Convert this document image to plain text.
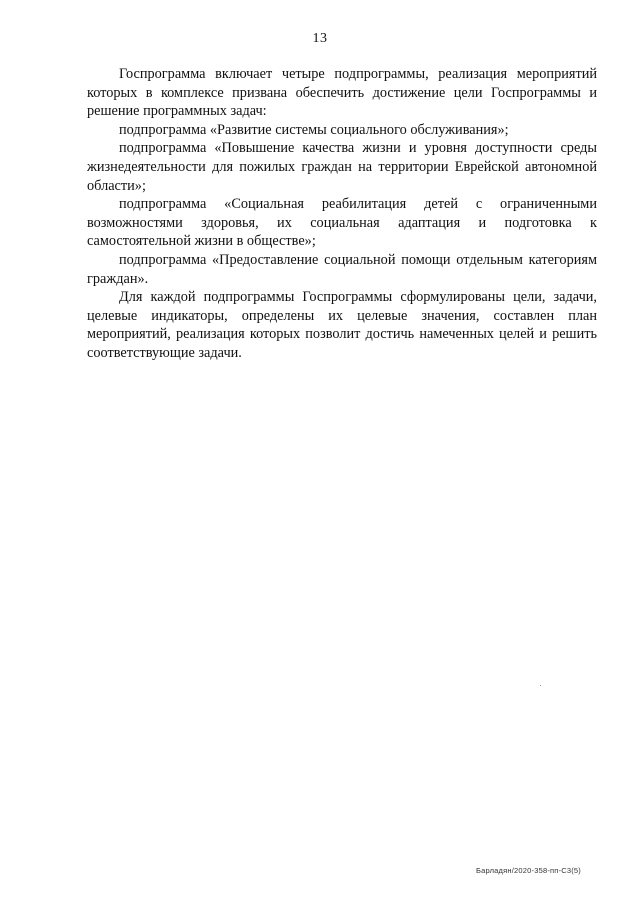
13

Госпрограмма включает четыре подпрограммы, реализация мероприятий которых в комплексе призвана обеспечить достижение цели Госпрограммы и решение программных задач:

подпрограмма «Развитие системы социального обслуживания»;

подпрограмма «Повышение качества жизни и уровня доступности среды жизнедеятельности для пожилых граждан на территории Еврейской автономной области»;

подпрограмма «Социальная реабилитация детей с ограниченными возможностями здоровья, их социальная адаптация и подготовка к самостоятельной жизни в обществе»;

подпрограмма «Предоставление социальной помощи отдельным категориям граждан».

Для каждой подпрограммы Госпрограммы сформулированы цели, задачи, целевые индикаторы, определены их целевые значения, составлен план мероприятий, реализация которых позволит достичь намеченных целей и решить соответствующие задачи.

Барладян/2020-358-пп-С3(5)
